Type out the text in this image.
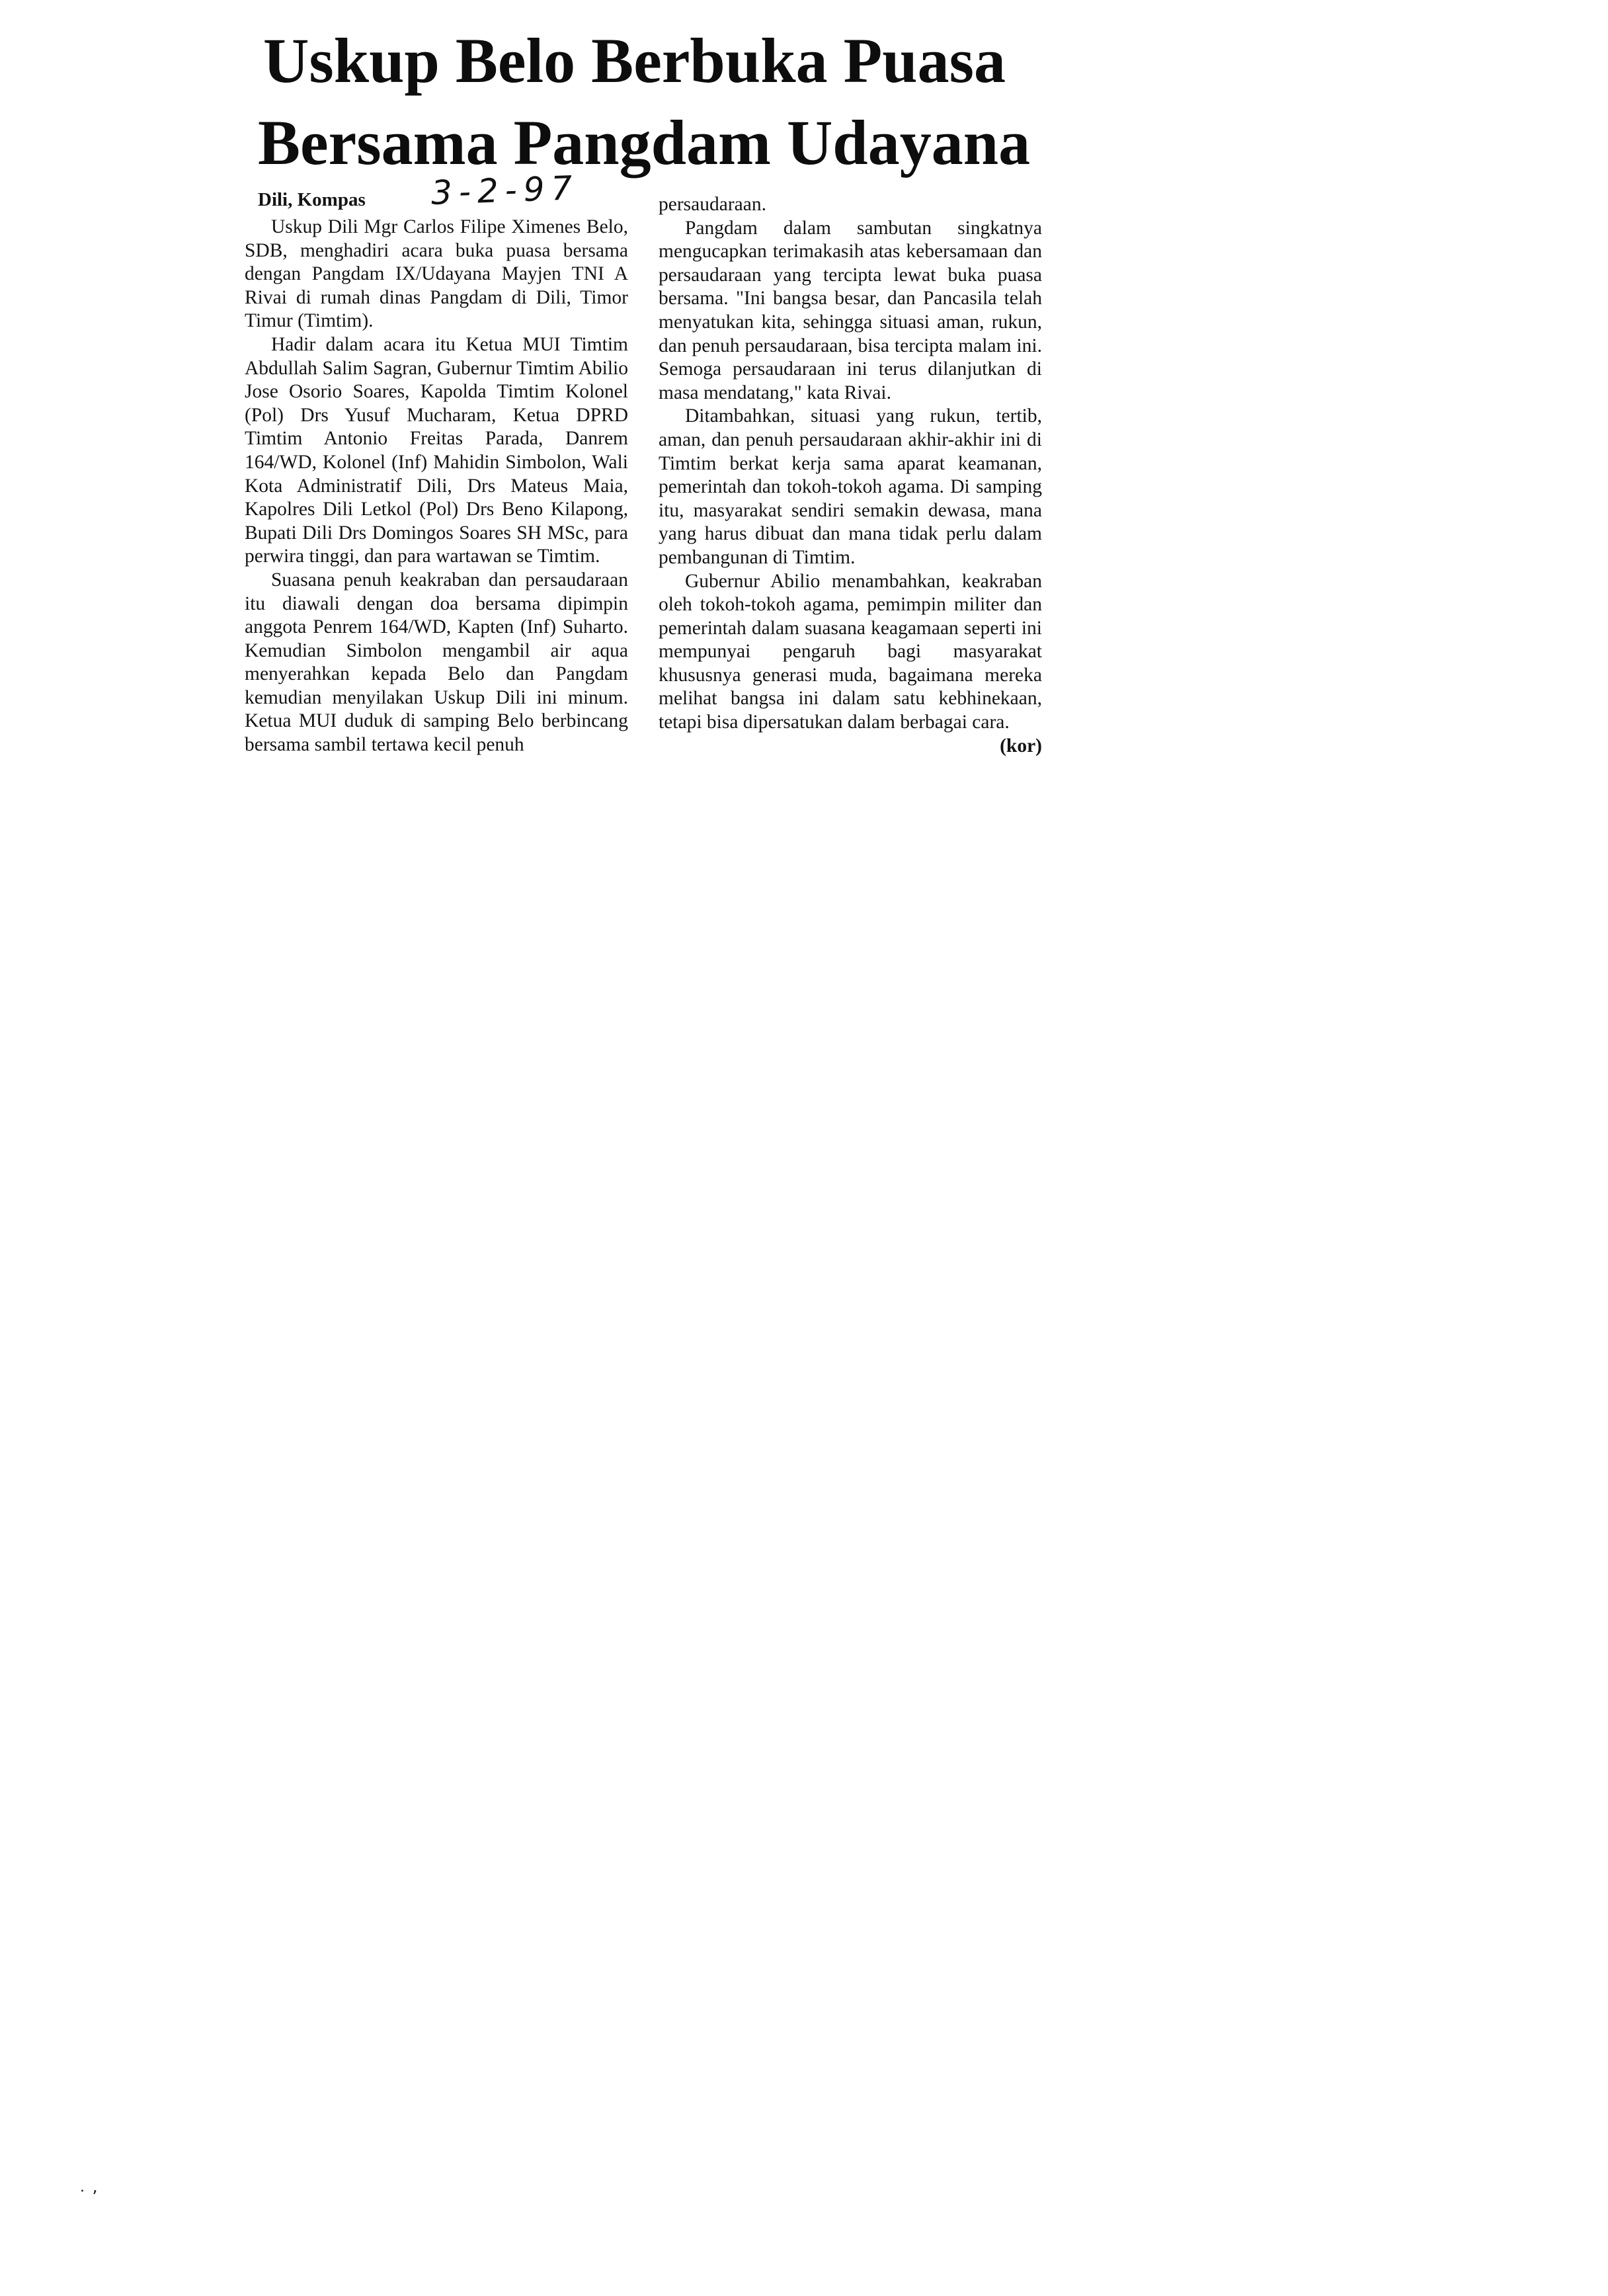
Uskup Belo Berbuka Puasa
Bersama Pangdam Udayana
Dili, Kompas 3-2-97

Uskup Dili Mgr Carlos Filipe Ximenes Belo, SDB, menghadiri acara buka puasa bersama dengan Pangdam IX/Udayana Mayjen TNI A Rivai di rumah dinas Pangdam di Dili, Timor Timur (Timtim).

Hadir dalam acara itu Ketua MUI Timtim Abdullah Salim Sagran, Gubernur Timtim Abilio Jose Osorio Soares, Kapolda Timtim Kolonel (Pol) Drs Yusuf Mucharam, Ketua DPRD Timtim Antonio Freitas Parada, Danrem 164/WD, Kolonel (Inf) Mahidin Simbolon, Wali Kota Administratif Dili, Drs Mateus Maia, Kapolres Dili Letkol (Pol) Drs Beno Kilapong, Bupati Dili Drs Domingos Soares SH MSc, para perwira tinggi, dan para wartawan se Timtim.

Suasana penuh keakraban dan persaudaraan itu diawali dengan doa bersama dipimpin anggota Penrem 164/WD, Kapten (Inf) Suharto. Kemudian Simbolon mengambil air aqua menyerahkan kepada Belo dan Pangdam kemudian menyilakan Uskup Dili ini minum. Ketua MUI duduk di samping Belo berbincang bersama sambil tertawa kecil penuh

persaudaraan.

Pangdam dalam sambutan singkatnya mengucapkan terimakasih atas kebersamaan dan persaudaraan yang tercipta lewat buka puasa bersama. "Ini bangsa besar, dan Pancasila telah menyatukan kita, sehingga situasi aman, rukun, dan penuh persaudaraan, bisa tercipta malam ini. Semoga persaudaraan ini terus dilanjutkan di masa mendatang," kata Rivai.

Ditambahkan, situasi yang rukun, tertib, aman, dan penuh persaudaraan akhir-akhir ini di Timtim berkat kerja sama aparat keamanan, pemerintah dan tokoh-tokoh agama. Di samping itu, masyarakat sendiri semakin dewasa, mana yang harus dibuat dan mana tidak perlu dalam pembangunan di Timtim.

Gubernur Abilio menambahkan, keakraban oleh tokoh-tokoh agama, pemimpin militer dan pemerintah dalam suasana keagamaan seperti ini mempunyai pengaruh bagi masyarakat khususnya generasi muda, bagaimana mereka melihat bangsa ini dalam satu kebhinekaan, tetapi bisa dipersatukan dalam berbagai cara.

(kor)
˙ ’
